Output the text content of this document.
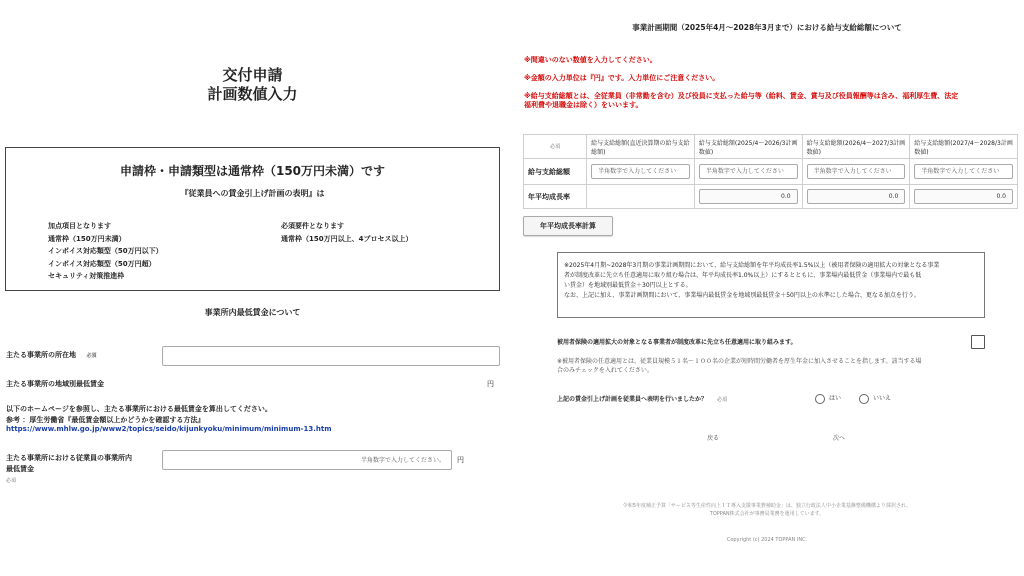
交付申請
計画数値入力
申請枠・申請類型は通常枠（150万円未満）です
『従業員への賃金引上げ計画の表明』は
加点項目となります
通常枠（150万円未満）
インボイス対応類型（50万円以下）
インボイス対応類型（50万円超）
セキュリティ対策推進枠
必須要件となります
通常枠（150万円以上、4プロセス以上）
事業所内最低賃金について
主たる事業所の所在地 必須
主たる事業所の地域別最低賃金	円
以下のホームページを参照し、主たる事業所における最低賃金を算出してください。
参考 ：厚生労働省『最低賃金額以上かどうかを確認する方法』
https://www.mhlw.go.jp/www2/topics/seido/kijunkyoku/minimum/minimum-13.htm
主たる事業所における従業員の事業所内
最低賃金
必須
半角数字で入力してください。
円
事業計画期間（2025年4月～2028年3月まで）における給与支給総額について
※間違いのない数値を入力してください。
※金額の入力単位は『円』です。入力単位にご注意ください。
※給与支給総額とは、全従業員（非常勤を含む）及び役員に支払った給与等（給料、賃金、賞与及び役員報酬等は含み、福利厚生費、法定
福利費や退職金は除く）をいいます。
必須	給与支給総額(直近決算期の給与支給総額)	給与支給総額(2025/4～2026/3計画数値)	給与支給総額(2026/4～2027/3計画数値)	給与支給総額(2027/4～2028/3計画数値)
給与支給総額	半角数字で入力してください	半角数字で入力してください	半角数字で入力してください	半角数字で入力してください
年平均成長率		0.0	0.0	0.0
年平均成長率計算
※2025年4月期~2028年3月期の事業計画期間において、給与支給総額を年平均成長率1.5%以上（被用者保険の適用拡大の対象となる事業
者が制度改革に先立ち任意適用に取り組む場合は、年平均成長率1.0%以上）にするとともに、事業場内最低賃金（事業場内で最も低
い賃金）を地域別最低賃金＋30円以上とする。
なお、上記に加え、事業計画期間において、事業場内最低賃金を地域別最低賃金＋50円以上の水準にした場合、更なる加点を行う。
被用者保険の適用拡大の対象となる事業者が制度改革に先立ち任意適用に取り組みます。
※被用者保険の任意適用とは、従業員規模５１名～１００名の企業が短時間労働者を厚生年金に加入させることを指します。該当する場
合のみチェックを入れてください。
上記の賃金引上げ計画を従業員へ表明を行いましたか？ 必須	はい	いいえ
戻る	次へ
令和5年度補正予算「サービス等生産性向上ＩＴ導入支援事業費補助金」は、独立行政法人中小企業基盤整備機構より採択され、
TOPPAN株式会社が事務局業務を運用しています。
Copyright (c) 2024 TOPPAN INC.
